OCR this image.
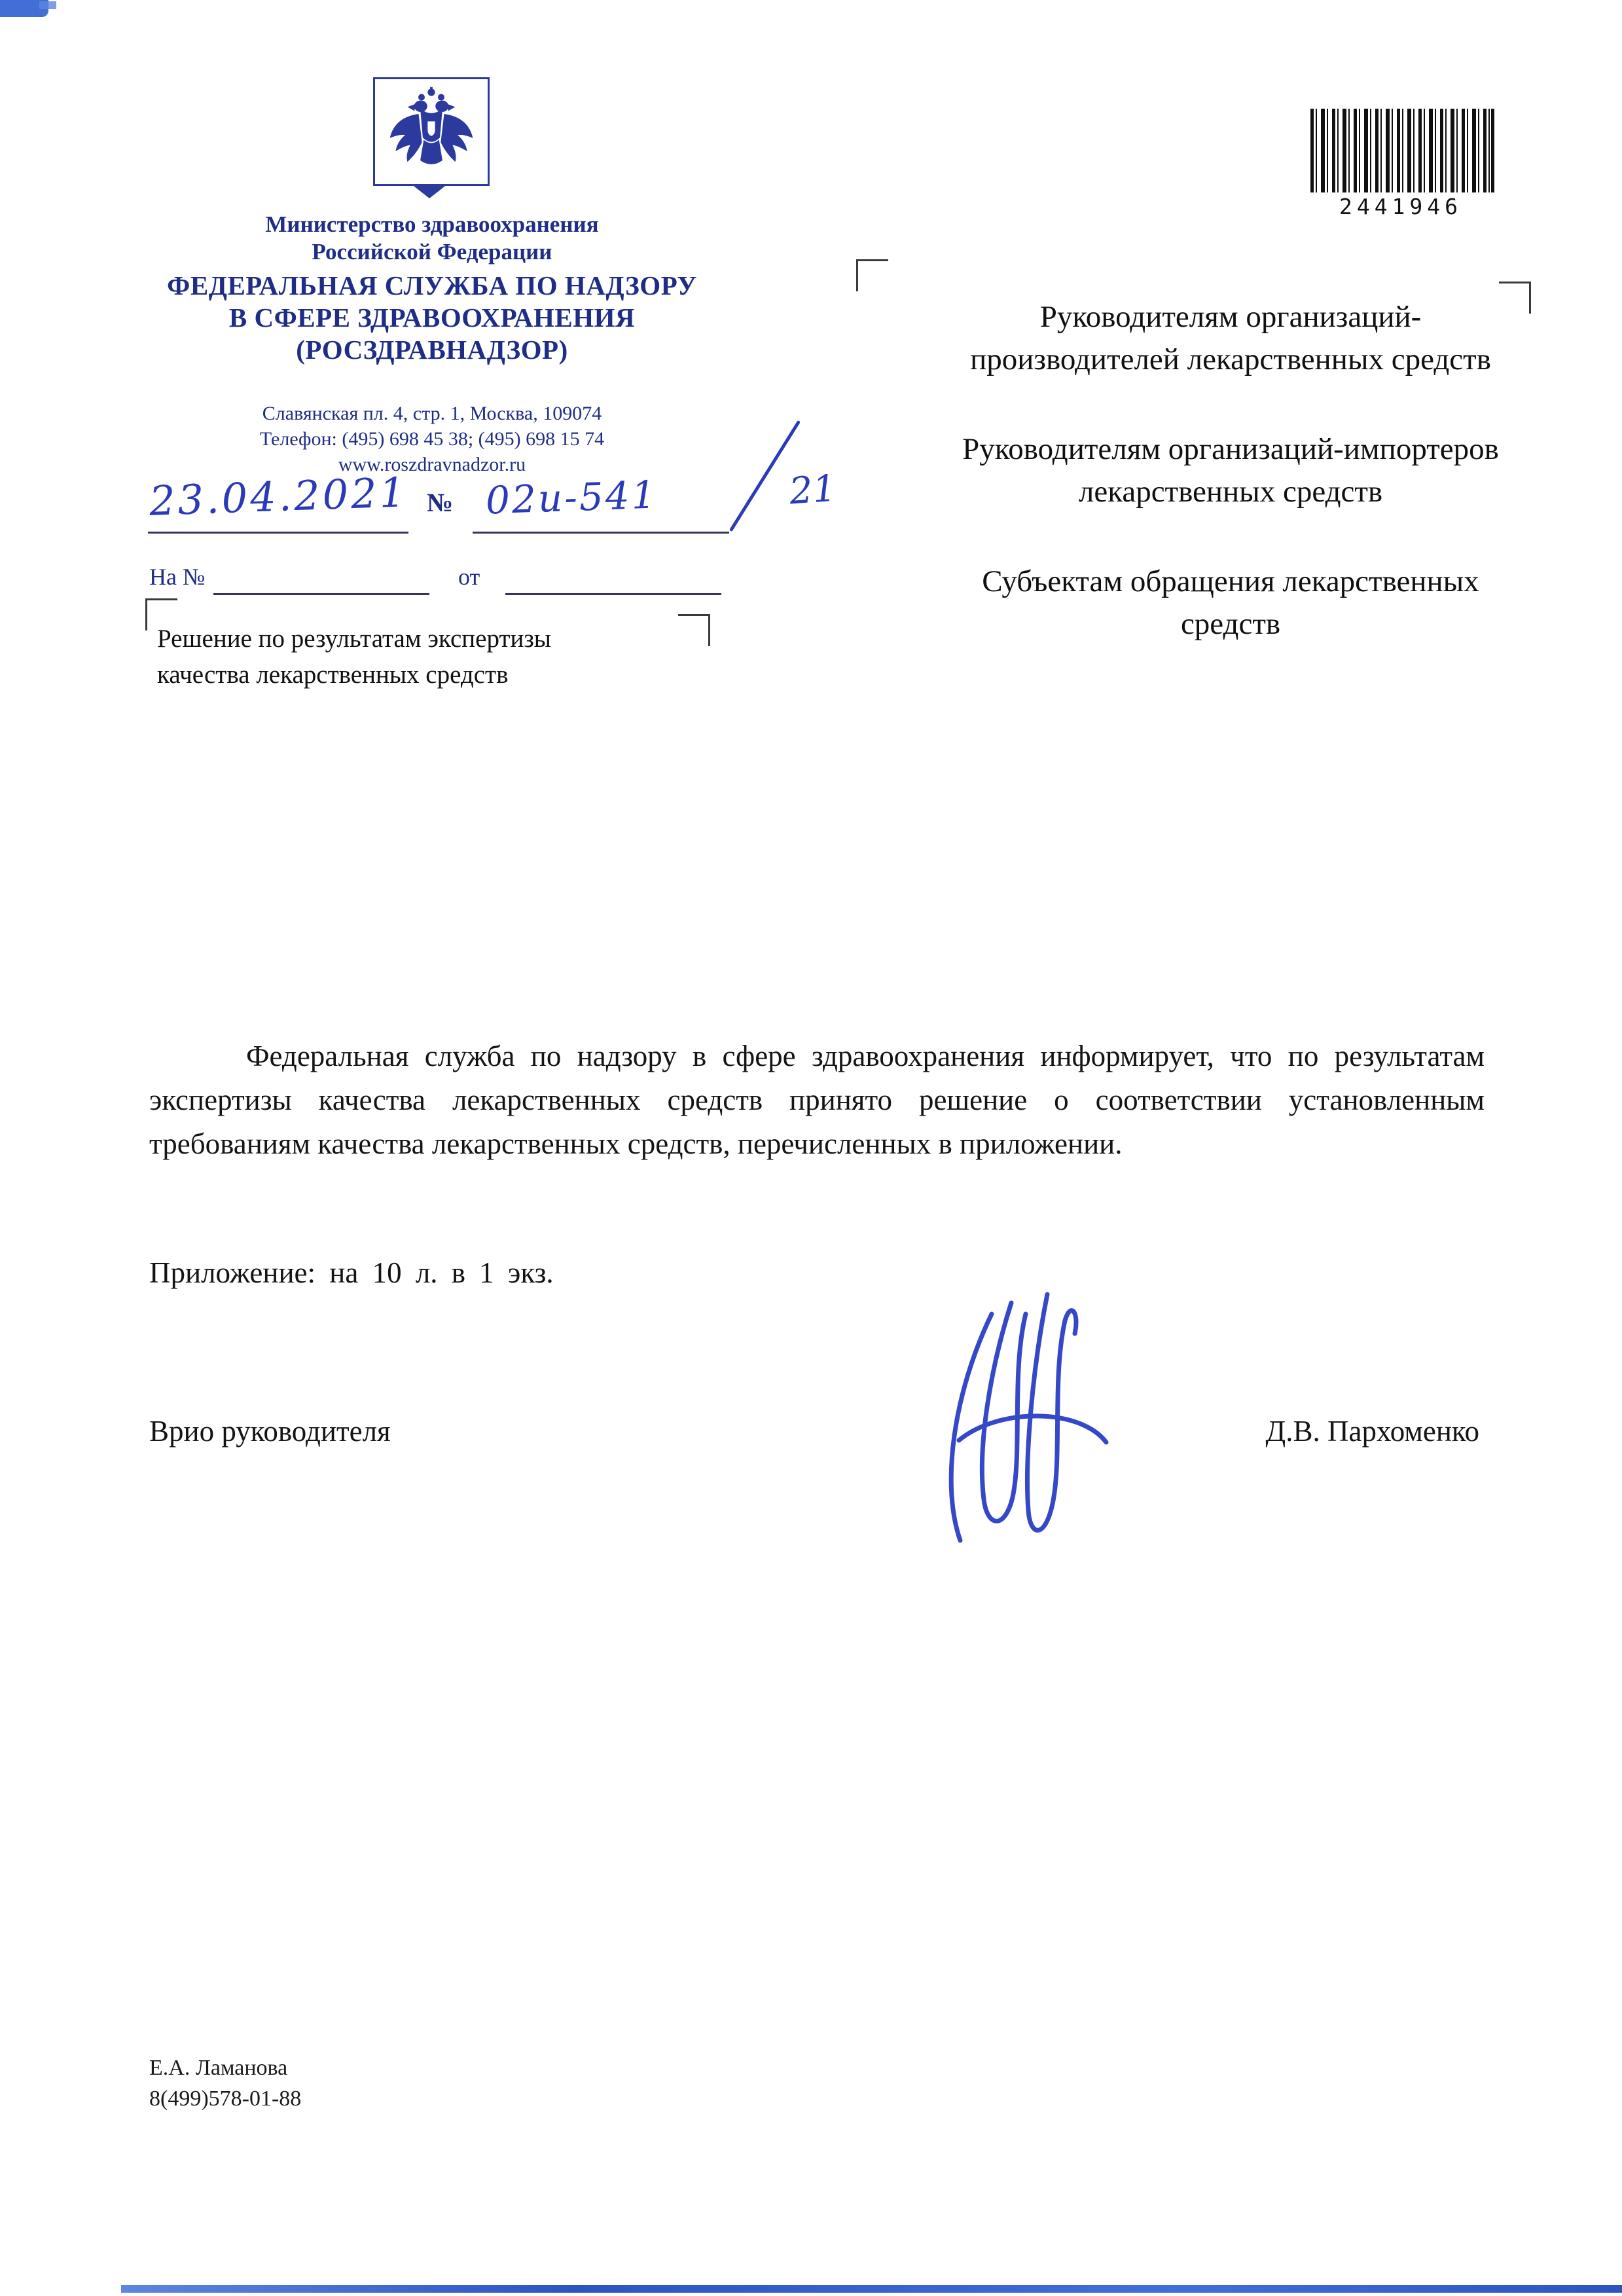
Министерство здравоохранения
Российской Федерации
ФЕДЕРАЛЬНАЯ СЛУЖБА ПО НАДЗОРУ
В СФЕРЕ ЗДРАВООХРАНЕНИЯ
(РОСЗДРАВНАДЗОР)
Славянская пл. 4, стр. 1, Москва, 109074
Телефон: (495) 698 45 38; (495) 698 15 74
www.roszdravnadzor.ru
23.04.2021 № 02и-541	21
На №	от
Решение по результатам экспертизы
качества лекарственных средств
2441946
Руководителям организаций-производителей лекарственных средств
Руководителям организаций-импортеров лекарственных средств
Субъектам обращения лекарственных средств
Федеральная служба по надзору в сфере здравоохранения информирует, что по результатам экспертизы качества лекарственных средств принято решение о соответствии установленным требованиям качества лекарственных средств, перечисленных в приложении.
Приложение: на 10 л. в 1 экз.
Врио руководителя	Д.В. Пархоменко
Е.А. Ламанова
8(499)578-01-88
